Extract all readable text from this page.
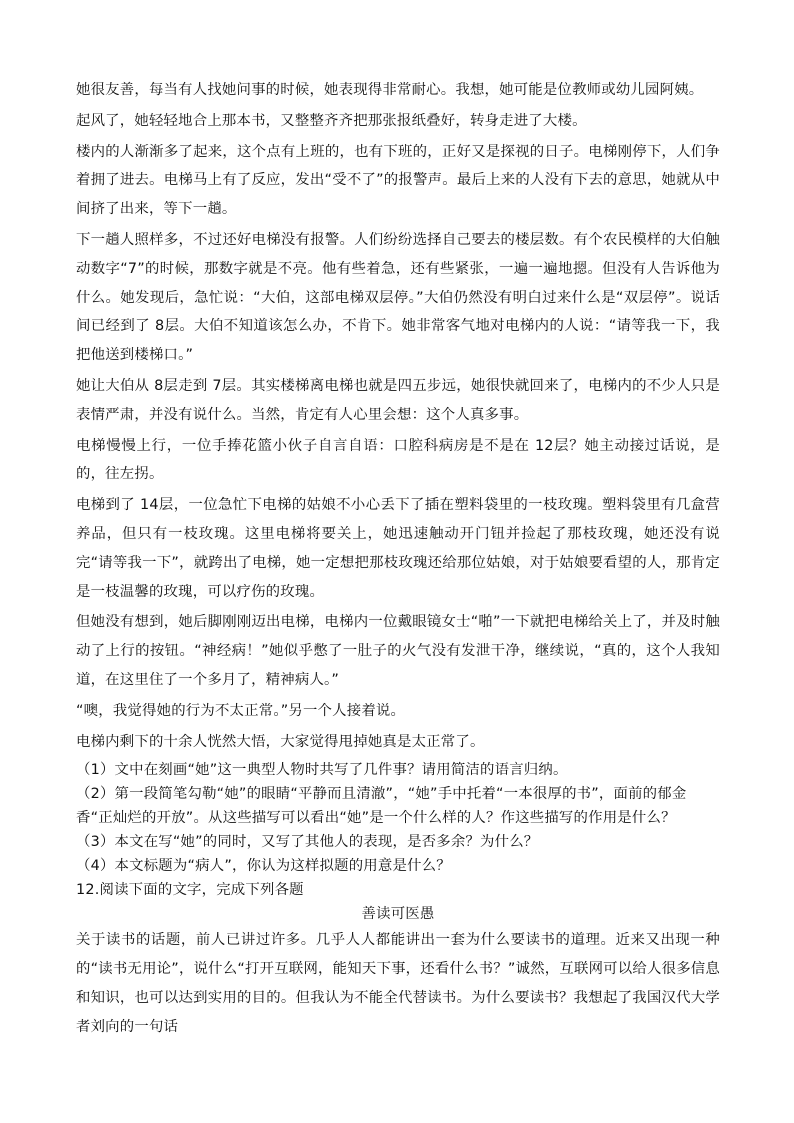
她很友善，每当有人找她问事的时候，她表现得非常耐心。我想，她可能是位教师或幼儿园阿姨。

起风了，她轻轻地合上那本书，又整整齐齐把那张报纸叠好，转身走进了大楼。

楼内的人渐渐多了起来，这个点有上班的，也有下班的，正好又是探视的日子。电梯刚停下，人们争着拥了进去。电梯马上有了反应，发出“受不了”的报警声。最后上来的人没有下去的意思，她就从中间挤了出来，等下一趟。

下一趟人照样多，不过还好电梯没有报警。人们纷纷选择自己要去的楼层数。有个农民模样的大伯触动数字“7”的时候，那数字就是不亮。他有些着急，还有些紧张，一遍一遍地摁。但没有人告诉他为什么。她发现后，急忙说：“大伯，这部电梯双层停。”大伯仍然没有明白过来什么是“双层停”。说话间已经到了 8层。大伯不知道该怎么办，不肯下。她非常客气地对电梯内的人说：“请等我一下，我把他送到楼梯口。”

她让大伯从 8层走到 7层。其实楼梯离电梯也就是四五步远，她很快就回来了，电梯内的不少人只是表情严肃，并没有说什么。当然，肯定有人心里会想：这个人真多事。

电梯慢慢上行，一位手捧花篮小伙子自言自语：口腔科病房是不是在 12层？她主动接过话说，是的，往左拐。

电梯到了 14层，一位急忙下电梯的姑娘不小心丢下了插在塑料袋里的一枝玫瑰。塑料袋里有几盒营养品，但只有一枝玫瑰。这里电梯将要关上，她迅速触动开门钮并捡起了那枝玫瑰，她还没有说完“请等我一下”，就跨出了电梯，她一定想把那枝玫瑰还给那位姑娘，对于姑娘要看望的人，那肯定是一枝温馨的玫瑰，可以疗伤的玫瑰。

但她没有想到，她后脚刚刚迈出电梯，电梯内一位戴眼镜女士“啪”一下就把电梯给关上了，并及时触动了上行的按钮。“神经病！”她似乎憋了一肚子的火气没有发泄干净，继续说，“真的，这个人我知道，在这里住了一个多月了，精神病人。”

“噢，我觉得她的行为不太正常。”另一个人接着说。

电梯内剩下的十余人恍然大悟，大家觉得甩掉她真是太正常了。

（1）文中在刻画“她”这一典型人物时共写了几件事？请用简洁的语言归纳。

（2）第一段简笔勾勒“她”的眼睛“平静而且清澈”，“她”手中托着“一本很厚的书”，面前的郁金香“正灿烂的开放”。从这些描写可以看出“她”是一个什么样的人？作这些描写的作用是什么？

（3）本文在写“她”的同时，又写了其他人的表现，是否多余？为什么？

（4）本文标题为“病人”，你认为这样拟题的用意是什么？

12.阅读下面的文字，完成下列各题

善读可医愚

关于读书的话题，前人已讲过许多。几乎人人都能讲出一套为什么要读书的道理。近来又出现一种的“读书无用论”，说什么“打开互联网，能知天下事，还看什么书？”诚然，互联网可以给人很多信息和知识，也可以达到实用的目的。但我认为不能全代替读书。为什么要读书？我想起了我国汉代大学者刘向的一句话
